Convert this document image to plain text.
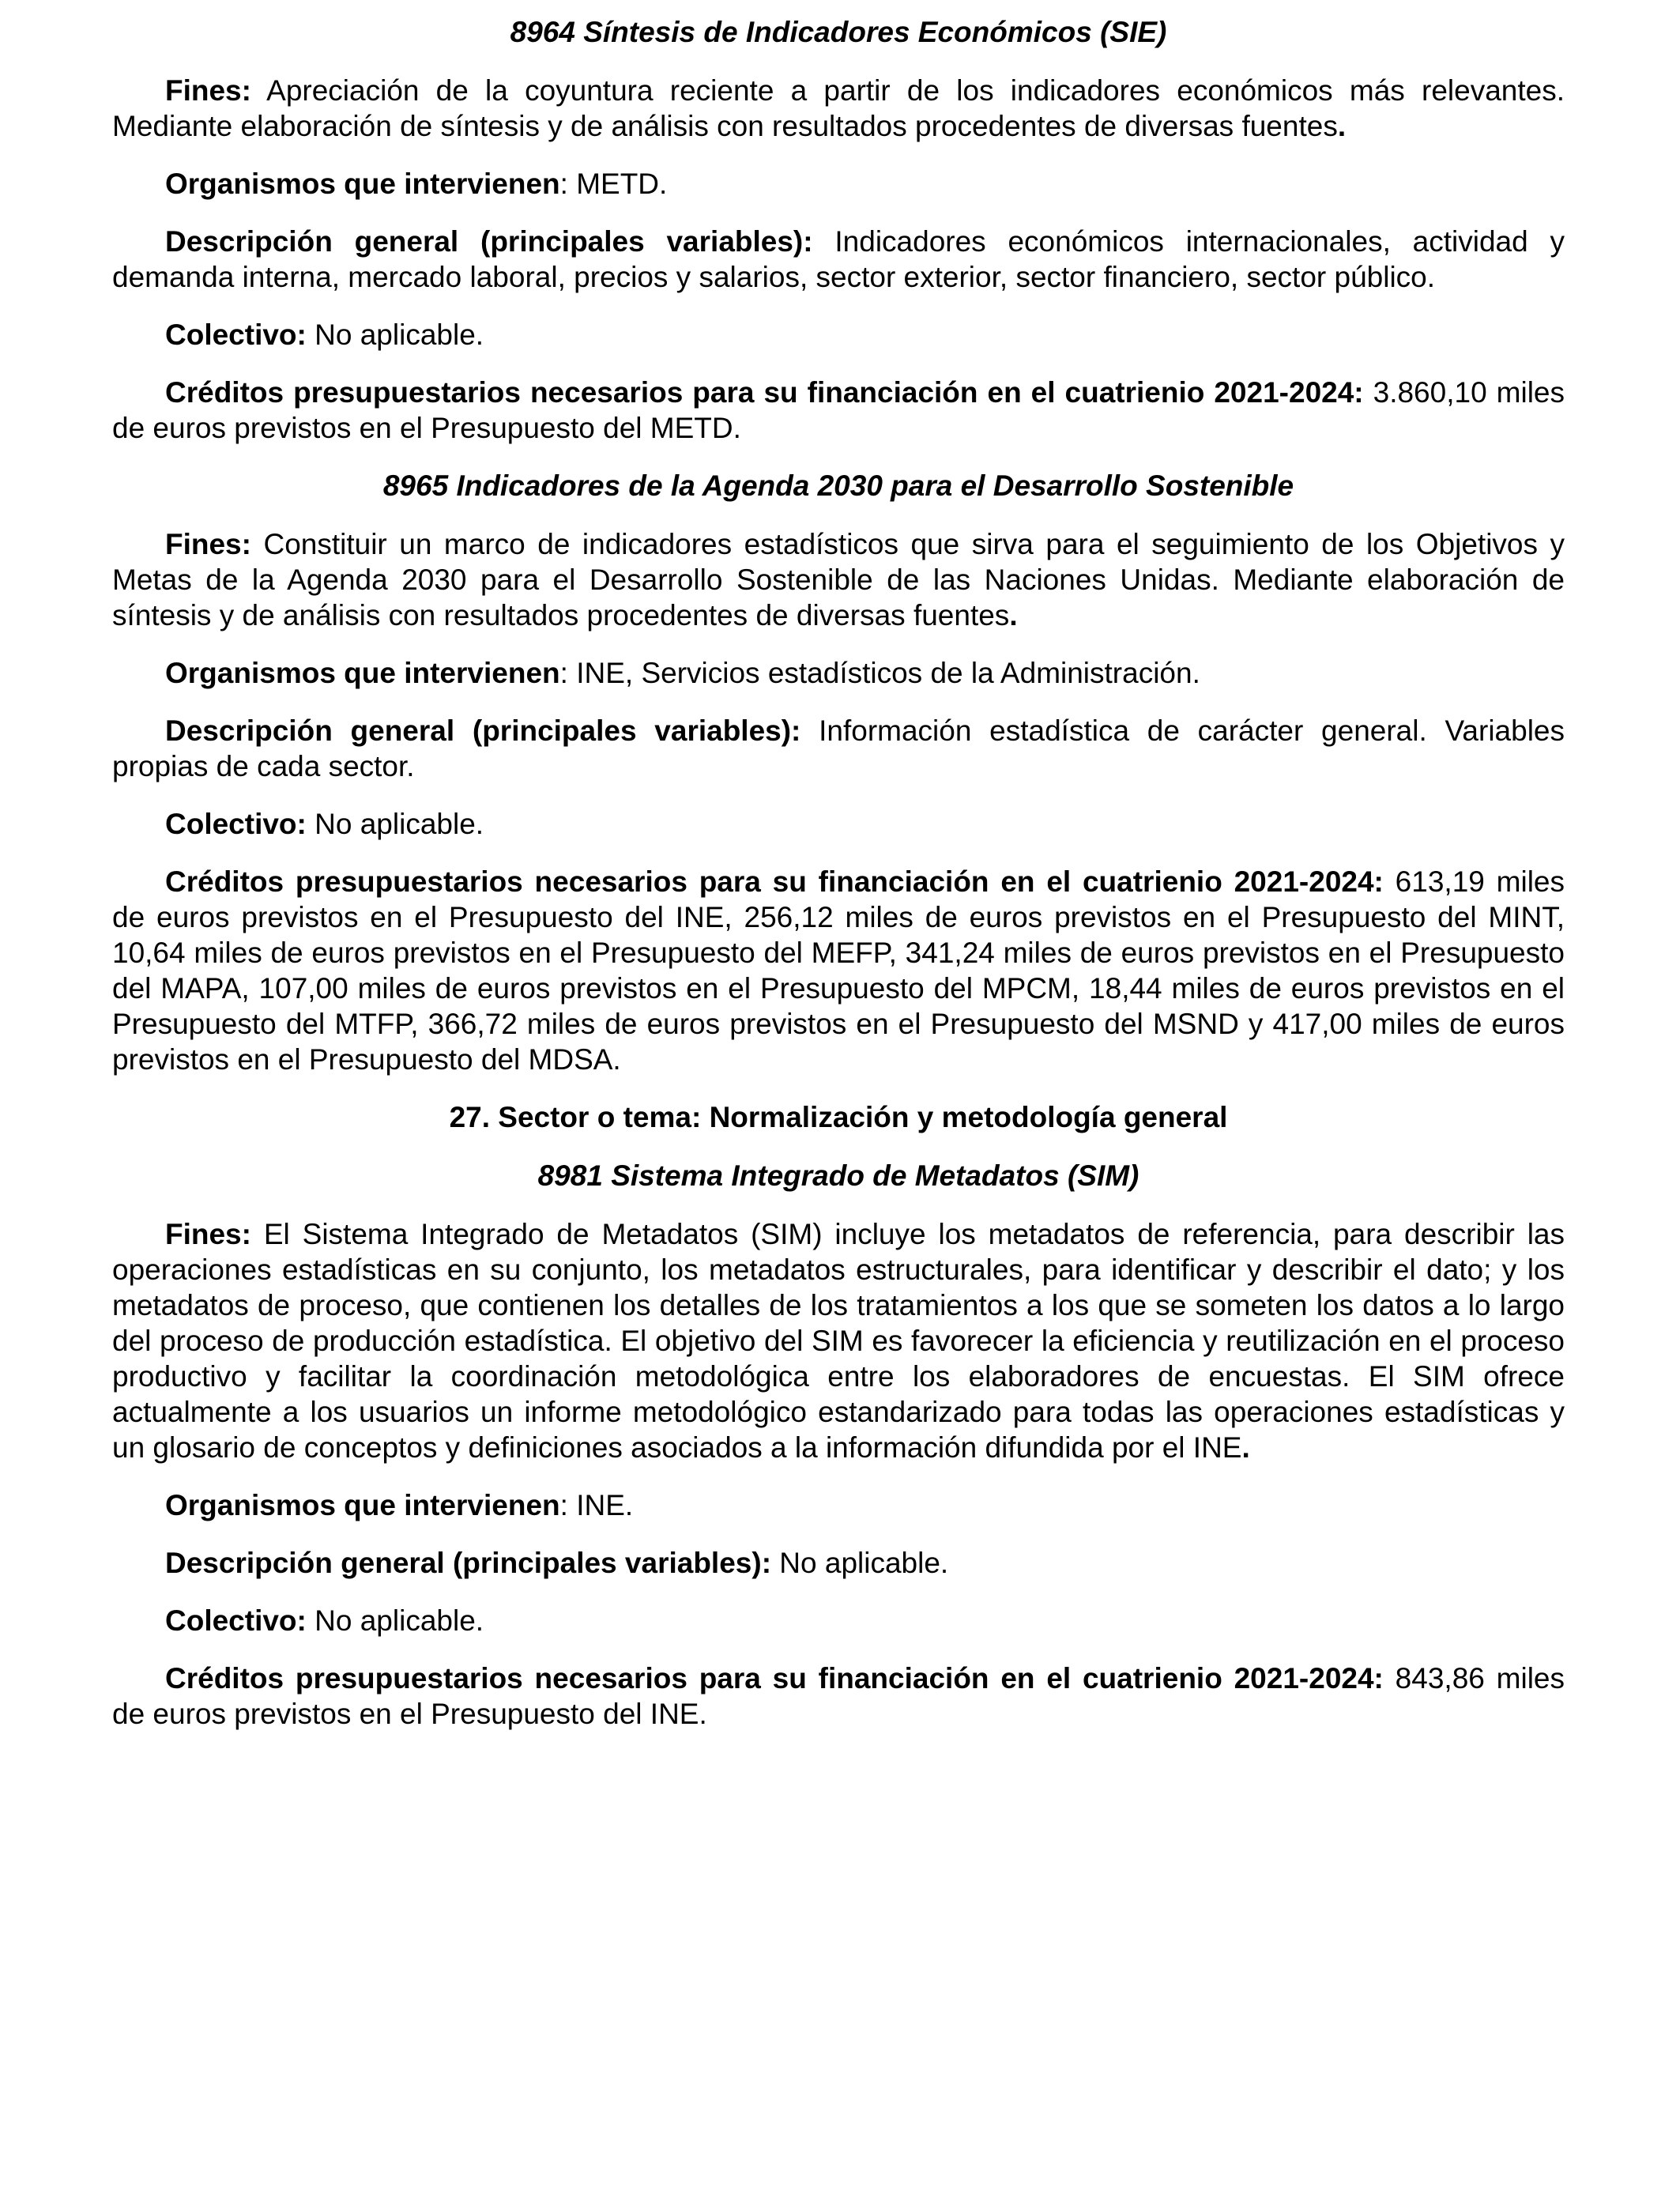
8964 Síntesis de Indicadores Económicos (SIE)

Fines: Apreciación de la coyuntura reciente a partir de los indicadores económicos más relevantes. Mediante elaboración de síntesis y de análisis con resultados procedentes de diversas fuentes.

Organismos que intervienen: METD.

Descripción general (principales variables): Indicadores económicos internacionales, actividad y demanda interna, mercado laboral, precios y salarios, sector exterior, sector financiero, sector público.

Colectivo: No aplicable.

Créditos presupuestarios necesarios para su financiación en el cuatrienio 2021-2024: 3.860,10 miles de euros previstos en el Presupuesto del METD.

8965 Indicadores de la Agenda 2030 para el Desarrollo Sostenible

Fines: Constituir un marco de indicadores estadísticos que sirva para el seguimiento de los Objetivos y Metas de la Agenda 2030 para el Desarrollo Sostenible de las Naciones Unidas. Mediante elaboración de síntesis y de análisis con resultados procedentes de diversas fuentes.

Organismos que intervienen: INE, Servicios estadísticos de la Administración.

Descripción general (principales variables): Información estadística de carácter general. Variables propias de cada sector.

Colectivo: No aplicable.

Créditos presupuestarios necesarios para su financiación en el cuatrienio 2021-2024: 613,19 miles de euros previstos en el Presupuesto del INE, 256,12 miles de euros previstos en el Presupuesto del MINT, 10,64 miles de euros previstos en el Presupuesto del MEFP, 341,24 miles de euros previstos en el Presupuesto del MAPA, 107,00 miles de euros previstos en el Presupuesto del MPCM, 18,44 miles de euros previstos en el Presupuesto del MTFP, 366,72 miles de euros previstos en el Presupuesto del MSND y 417,00 miles de euros previstos en el Presupuesto del MDSA.

27. Sector o tema: Normalización y metodología general
8981 Sistema Integrado de Metadatos (SIM)

Fines: El Sistema Integrado de Metadatos (SIM) incluye los metadatos de referencia, para describir las operaciones estadísticas en su conjunto, los metadatos estructurales, para identificar y describir el dato; y los metadatos de proceso, que contienen los detalles de los tratamientos a los que se someten los datos a lo largo del proceso de producción estadística. El objetivo del SIM es favorecer la eficiencia y reutilización en el proceso productivo y facilitar la coordinación metodológica entre los elaboradores de encuestas. El SIM ofrece actualmente a los usuarios un informe metodológico estandarizado para todas las operaciones estadísticas y un glosario de conceptos y definiciones asociados a la información difundida por el INE.

Organismos que intervienen: INE.

Descripción general (principales variables): No aplicable.

Colectivo: No aplicable.

Créditos presupuestarios necesarios para su financiación en el cuatrienio 2021-2024: 843,86 miles de euros previstos en el Presupuesto del INE.
